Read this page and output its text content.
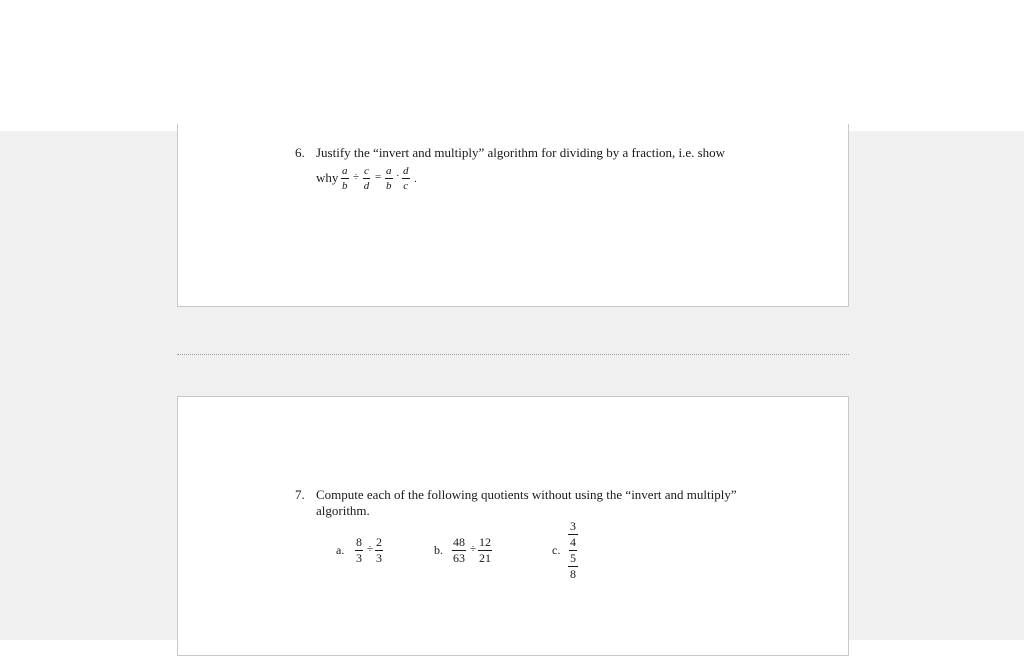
6. Justify the “invert and multiply” algorithm for dividing by a fraction, i.e. show
why $\frac{a}{b} \div \frac{c}{d} = \frac{a}{b} \cdot \frac{d}{c}$ .
7. Compute each of the following quotients without using the “invert and multiply”
algorithm.
a. $\frac{8}{3} \div \frac{2}{3}$	b. $\frac{48}{63} \div \frac{12}{21}$	c.
3
4
5
8
